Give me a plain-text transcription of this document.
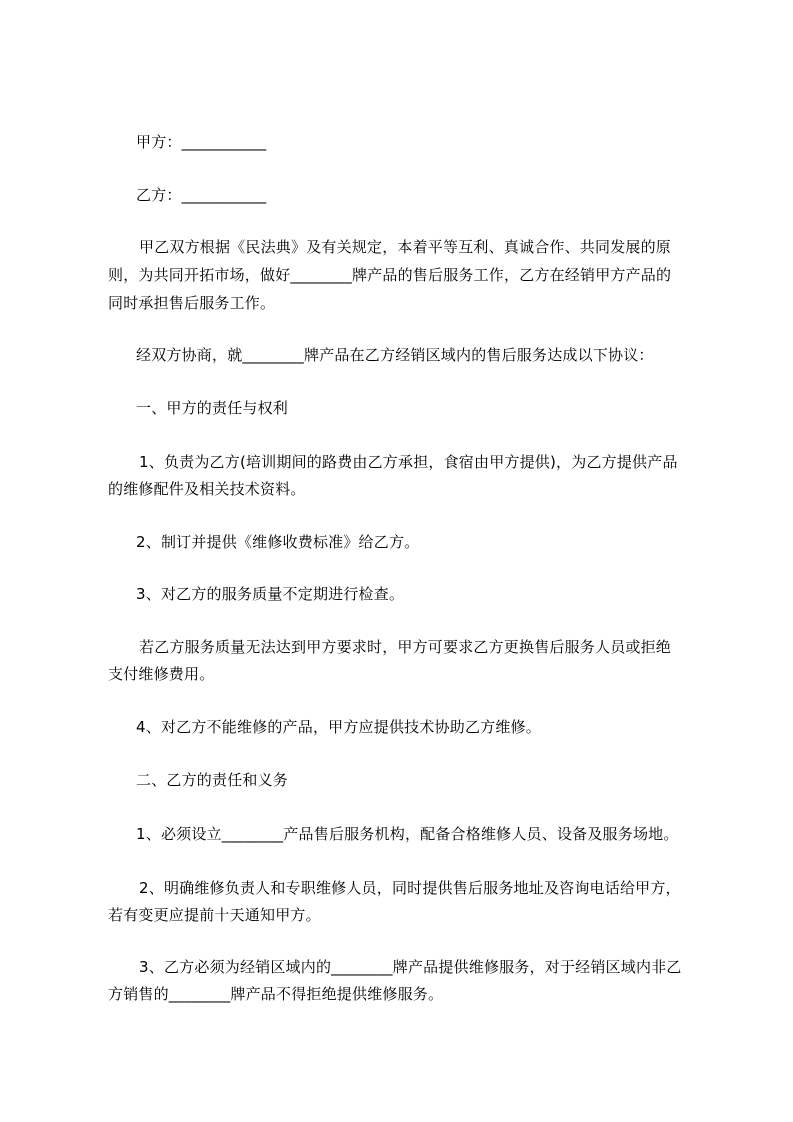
甲方：___________
乙方：___________
甲乙双方根据《民法典》及有关规定，本着平等互利、真诚合作、共同发展的原
则，为共同开拓市场，做好________牌产品的售后服务工作，乙方在经销甲方产品的
同时承担售后服务工作。
经双方协商，就________牌产品在乙方经销区域内的售后服务达成以下协议：
一、甲方的责任与权利
1、负责为乙方(培训期间的路费由乙方承担，食宿由甲方提供)，为乙方提供产品
的维修配件及相关技术资料。
2、制订并提供《维修收费标准》给乙方。
3、对乙方的服务质量不定期进行检查。
若乙方服务质量无法达到甲方要求时，甲方可要求乙方更换售后服务人员或拒绝
支付维修费用。
4、对乙方不能维修的产品，甲方应提供技术协助乙方维修。
二、乙方的责任和义务
1、必须设立________产品售后服务机构，配备合格维修人员、设备及服务场地。
2、明确维修负责人和专职维修人员，同时提供售后服务地址及咨询电话给甲方，
若有变更应提前十天通知甲方。
3、乙方必须为经销区域内的________牌产品提供维修服务，对于经销区域内非乙
方销售的________牌产品不得拒绝提供维修服务。
